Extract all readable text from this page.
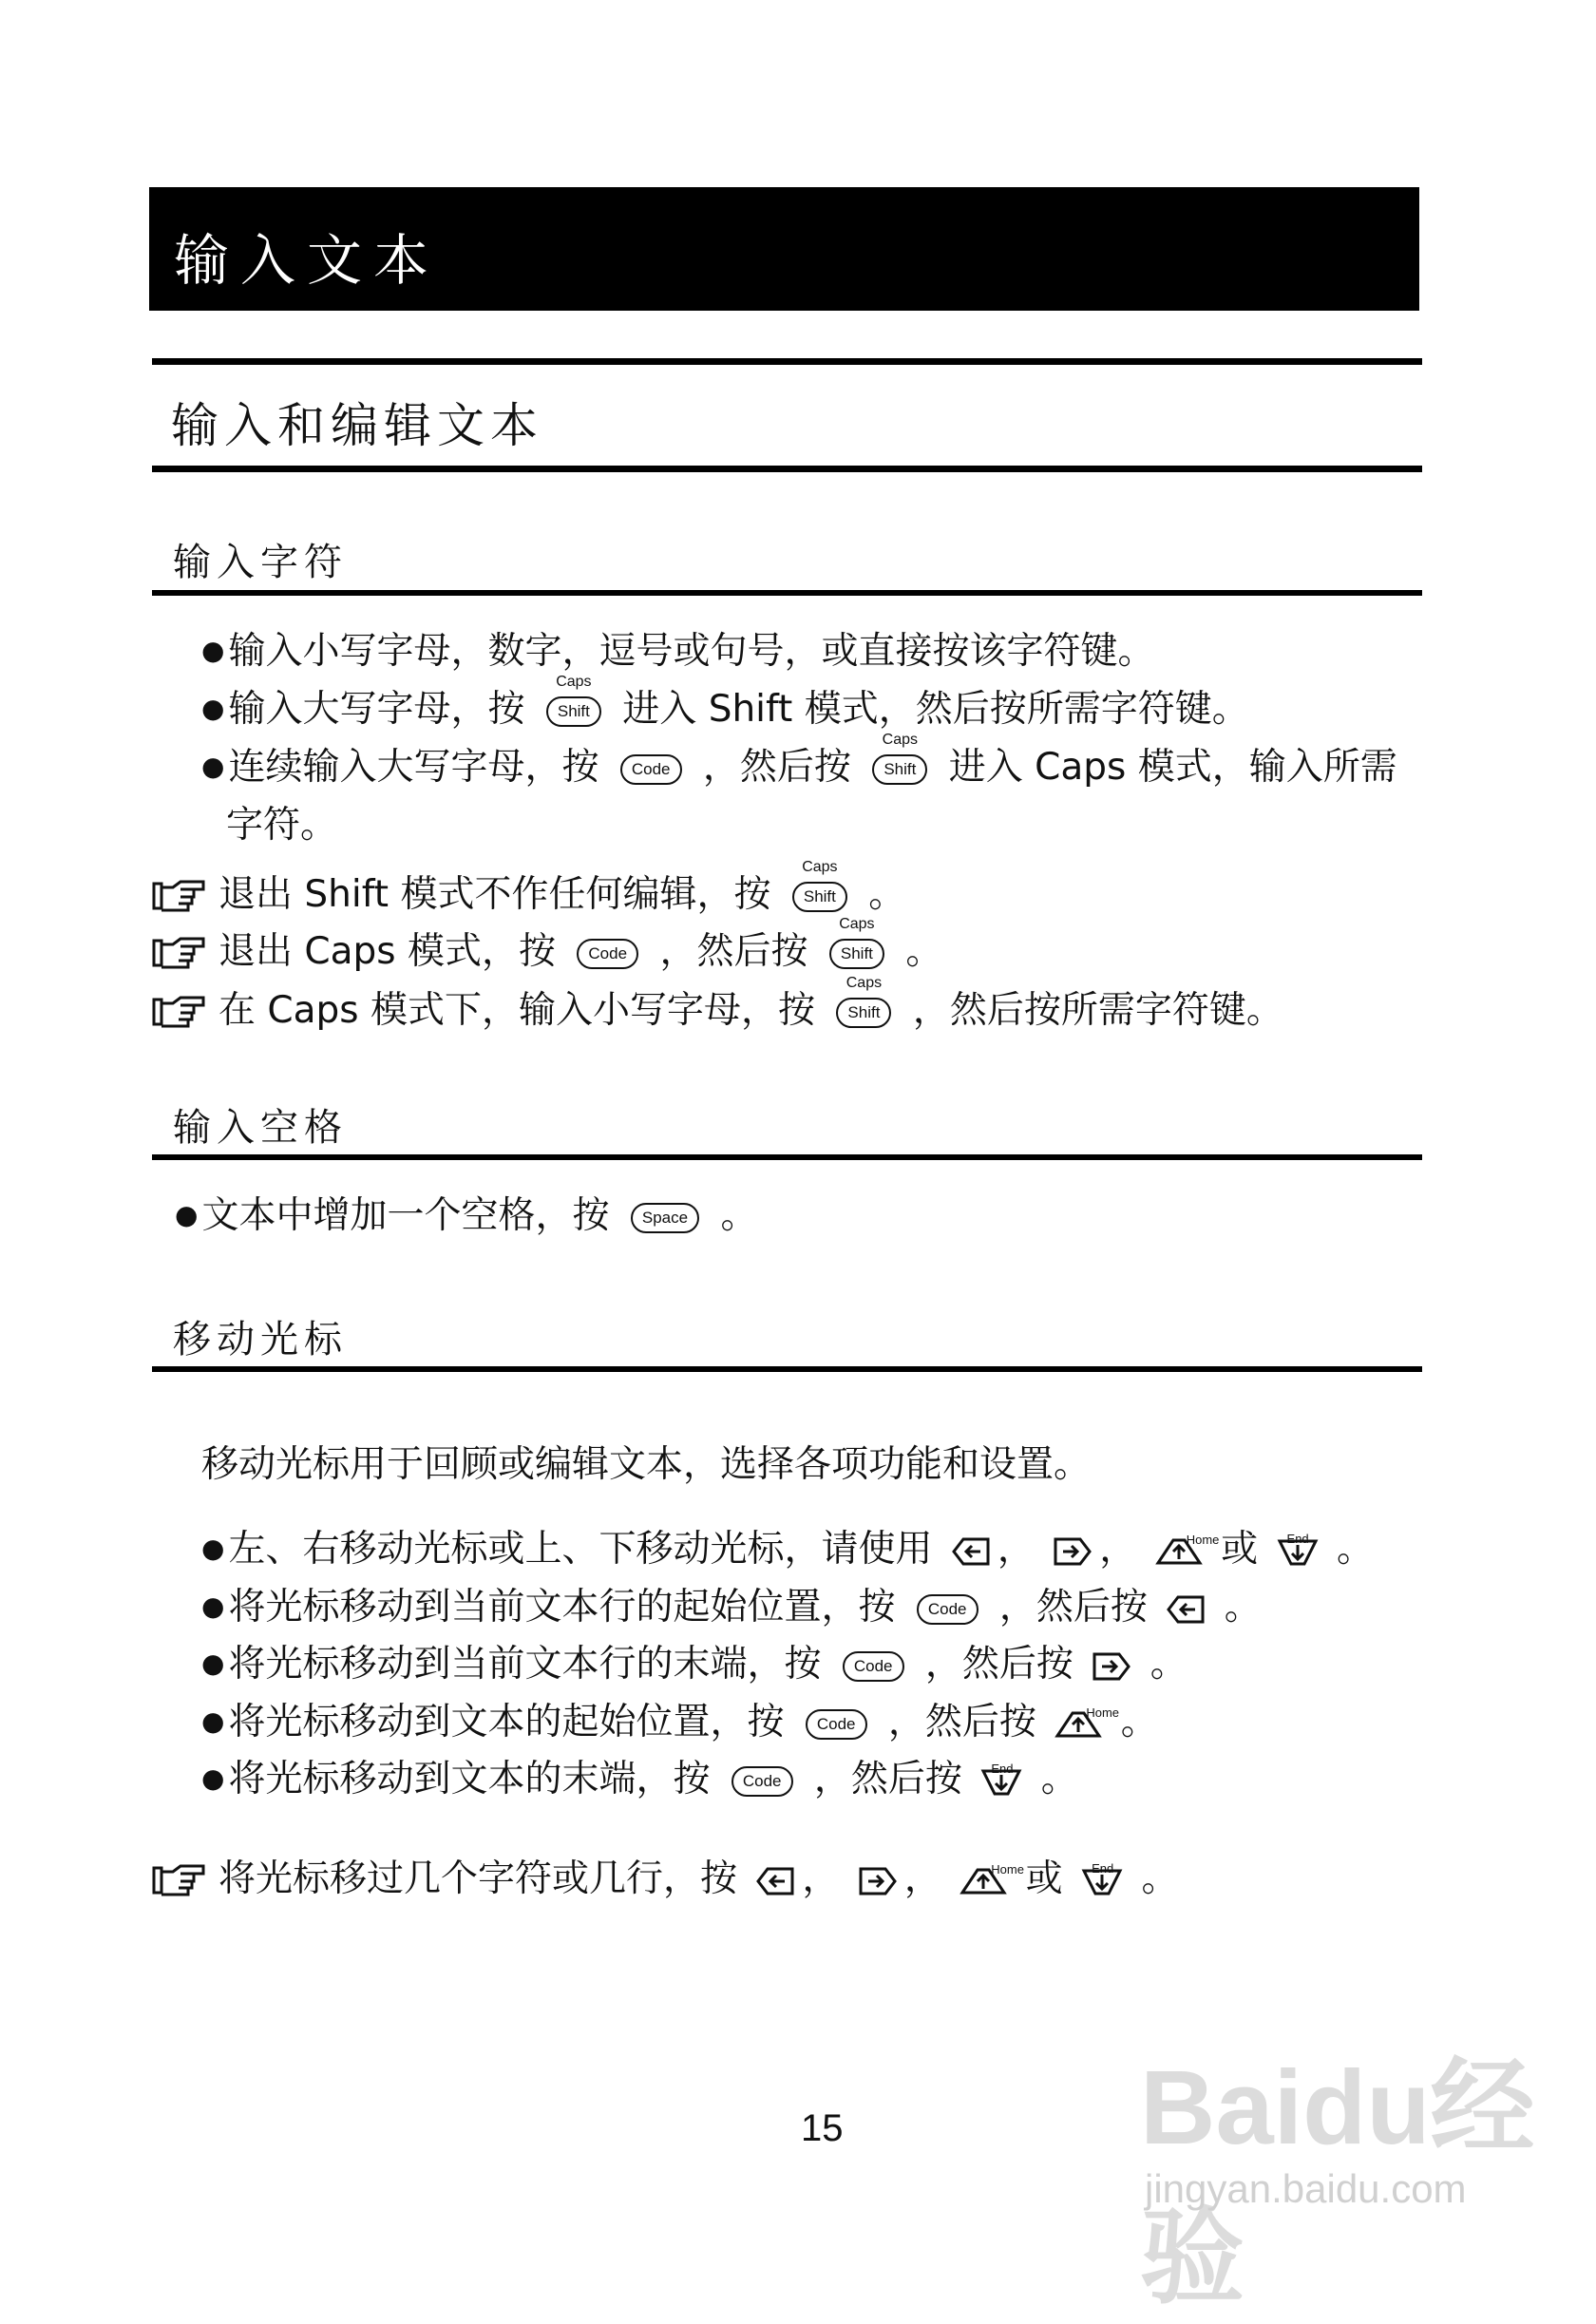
输入文本
输入和编辑文本
输入字符
● 输入小写字母，数字，逗号或句号，或直接按该字符键。
● 输入大写字母，按
Caps
Shift 进入 Shift 模式，然后按所需字符键。
● 连续输入大写字母，按 Code ，然后按
Caps
Shift 进入 Caps 模式，输入所需
字符。
退出 Shift 模式不作任何编辑，按
Caps
Shift 。
退出 Caps 模式，按 Code ，然后按
Caps
Shift 。
在 Caps 模式下，输入小写字母，按
Caps
Shift ，然后按所需字符键。
输入空格
● 文本中增加一个空格，按 Space 。
移动光标
移动光标用于回顾或编辑文本，选择各项功能和设置。
● 左、右移动光标或上、下移动光标，请使用 ， ，	Home 或 End 。
● 将光标移动到当前文本行的起始位置，按 Code ，然后按 。
● 将光标移动到当前文本行的末端，按 Code ，然后按 。
● 将光标移动到文本的起始位置，按 Code ，然后按	Home 。
● 将光标移动到文本的末端，按 Code ，然后按 End 。
将光标移过几个字符或几行，按 ， ，	Home 或 End 。
15	Baidu经验
jingyan.baidu.com
